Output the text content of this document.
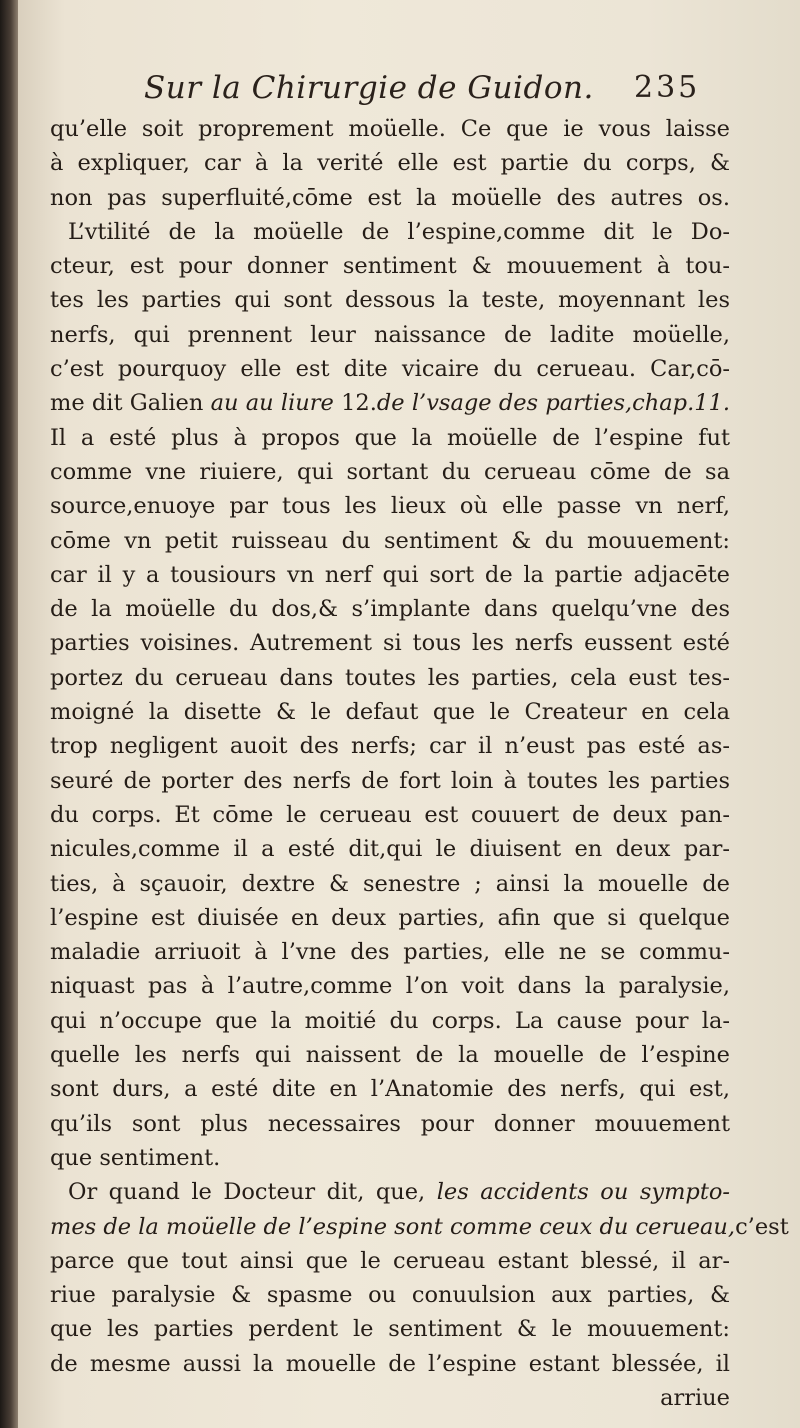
Sur la Chirurgie de Guidon. 235
qu’elle soit proprement moüelle. Ce que ie vous laisse
à expliquer, car à la verité elle est partie du corps, &
non pas superfluité,cōme est la moüelle des autres os.
L’vtilité de la moüelle de l’espine,comme dit le Do-
cteur, est pour donner sentiment & mouuement à tou-
tes les parties qui sont dessous la teste, moyennant les
nerfs, qui prennent leur naissance de ladite moüelle,
c’est pourquoy elle est dite vicaire du cerueau. Car,cō-
me dit Galien au au liure 12.de l’vsage des parties,chap.11.
Il a esté plus à propos que la moüelle de l’espine fut
comme vne riuiere, qui sortant du cerueau cōme de sa
source,enuoye par tous les lieux où elle passe vn nerf,
cōme vn petit ruisseau du sentiment & du mouuement:
car il y a tousiours vn nerf qui sort de la partie adjacēte
de la moüelle du dos,& s’implante dans quelqu’vne des
parties voisines. Autrement si tous les nerfs eussent esté
portez du cerueau dans toutes les parties, cela eust tes-
moigné la disette & le defaut que le Createur en cela
trop negligent auoit des nerfs; car il n’eust pas esté as-
seuré de porter des nerfs de fort loin à toutes les parties
du corps. Et cōme le cerueau est couuert de deux pan-
nicules,comme il a esté dit,qui le diuisent en deux par-
ties, à sçauoir, dextre & senestre ; ainsi la mouelle de
l’espine est diuisée en deux parties, afin que si quelque
maladie arriuoit à l’vne des parties, elle ne se commu-
niquast pas à l’autre,comme l’on voit dans la paralysie,
qui n’occupe que la moitié du corps. La cause pour la-
quelle les nerfs qui naissent de la mouelle de l’espine
sont durs, a esté dite en l’Anatomie des nerfs, qui est,
qu’ils sont plus necessaires pour donner mouuement
que sentiment.
Or quand le Docteur dit, que, les accidents ou sympto-
mes de la moüelle de l’espine sont comme ceux du cerueau,c’est
parce que tout ainsi que le cerueau estant blessé, il ar-
riue paralysie & spasme ou conuulsion aux parties, &
que les parties perdent le sentiment & le mouuement:
de mesme aussi la mouelle de l’espine estant blessée, il
arriue
